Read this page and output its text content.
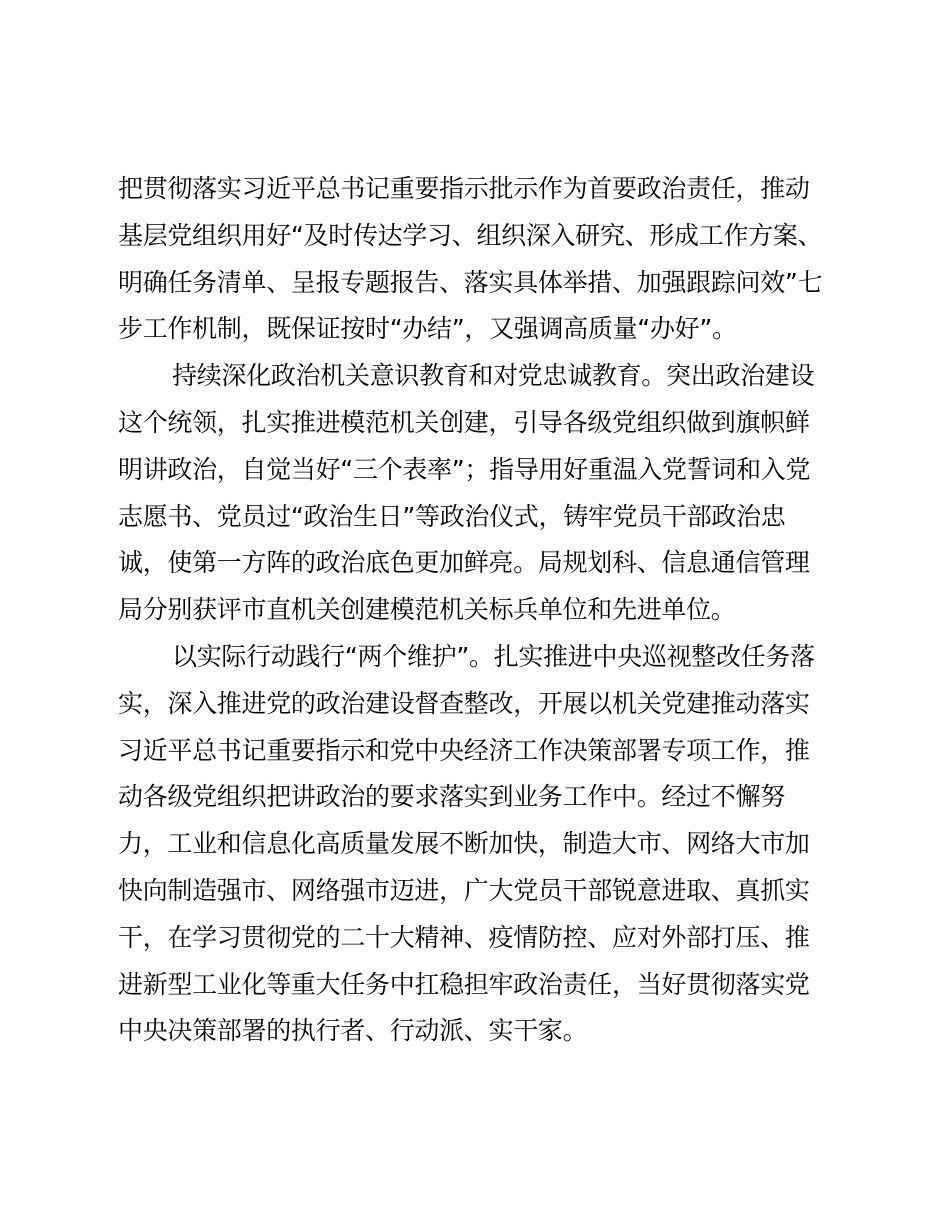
把贯彻落实习近平总书记重要指示批示作为首要政治责任，推动
基层党组织用好“及时传达学习、组织深入研究、形成工作方案、
明确任务清单、呈报专题报告、落实具体举措、加强跟踪问效”七
步工作机制，既保证按时“办结”，又强调高质量“办好”。
持续深化政治机关意识教育和对党忠诚教育。突出政治建设
这个统领，扎实推进模范机关创建，引导各级党组织做到旗帜鲜
明讲政治，自觉当好“三个表率”；指导用好重温入党誓词和入党
志愿书、党员过“政治生日”等政治仪式，铸牢党员干部政治忠
诚，使第一方阵的政治底色更加鲜亮。局规划科、信息通信管理
局分别获评市直机关创建模范机关标兵单位和先进单位。
以实际行动践行“两个维护”。扎实推进中央巡视整改任务落
实，深入推进党的政治建设督查整改，开展以机关党建推动落实
习近平总书记重要指示和党中央经济工作决策部署专项工作，推
动各级党组织把讲政治的要求落实到业务工作中。经过不懈努
力，工业和信息化高质量发展不断加快，制造大市、网络大市加
快向制造强市、网络强市迈进，广大党员干部锐意进取、真抓实
干，在学习贯彻党的二十大精神、疫情防控、应对外部打压、推
进新型工业化等重大任务中扛稳担牢政治责任，当好贯彻落实党
中央决策部署的执行者、行动派、实干家。
